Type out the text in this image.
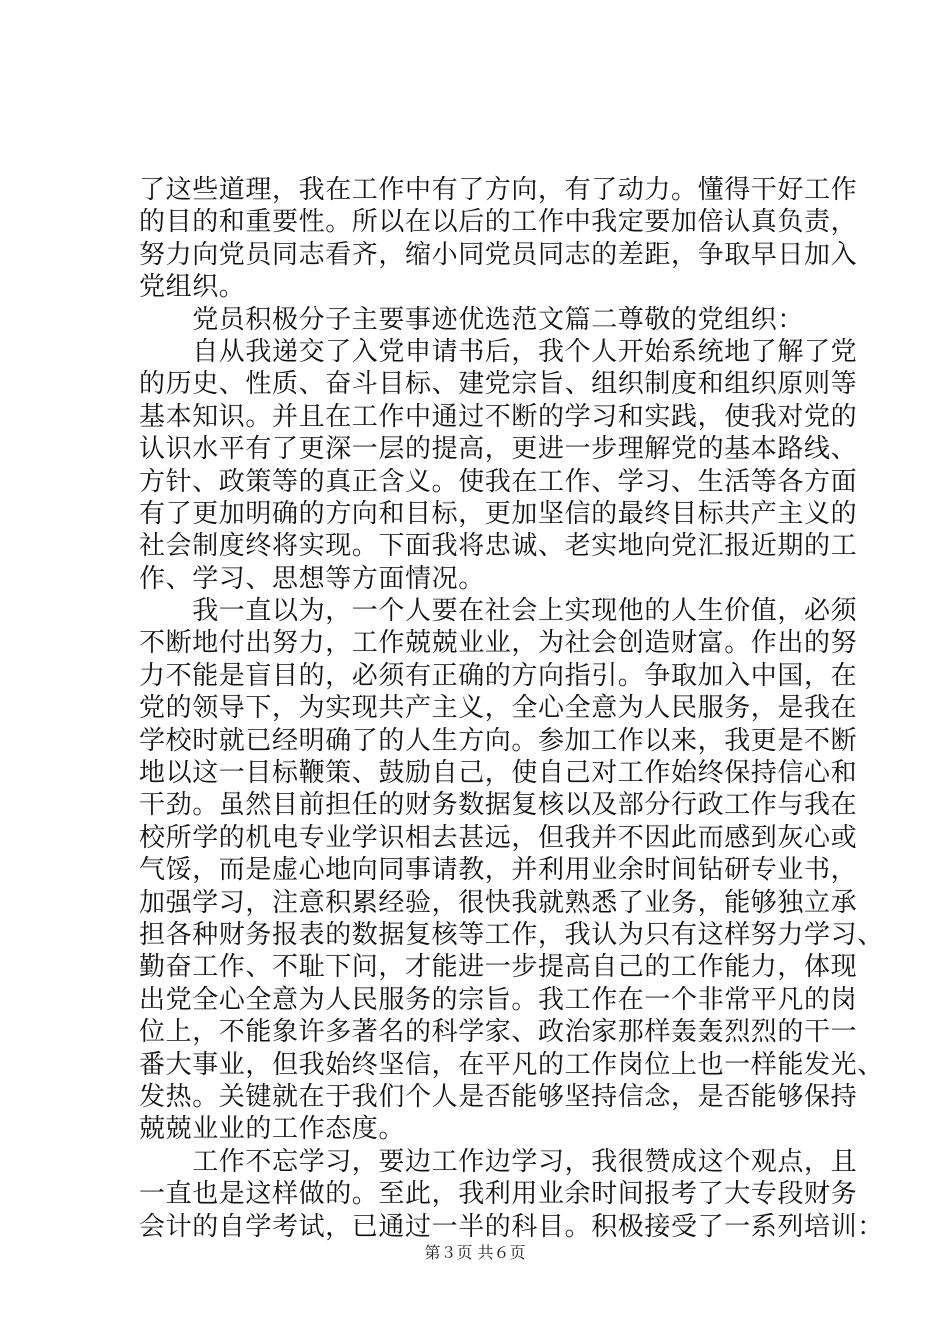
了这些道理，我在工作中有了方向，有了动力。懂得干好工作
的目的和重要性。所以在以后的工作中我定要加倍认真负责，
努力向党员同志看齐，缩小同党员同志的差距，争取早日加入
党组织。
　　党员积极分子主要事迹优选范文篇二尊敬的党组织：
　　自从我递交了入党申请书后，我个人开始系统地了解了党
的历史、性质、奋斗目标、建党宗旨、组织制度和组织原则等
基本知识。并且在工作中通过不断的学习和实践，使我对党的
认识水平有了更深一层的提高，更进一步理解党的基本路线、
方针、政策等的真正含义。使我在工作、学习、生活等各方面
有了更加明确的方向和目标，更加坚信的最终目标共产主义的
社会制度终将实现。下面我将忠诚、老实地向党汇报近期的工
作、学习、思想等方面情况。
　　我一直以为，一个人要在社会上实现他的人生价值，必须
不断地付出努力，工作兢兢业业，为社会创造财富。作出的努
力不能是盲目的，必须有正确的方向指引。争取加入中国，在
党的领导下，为实现共产主义，全心全意为人民服务，是我在
学校时就已经明确了的人生方向。参加工作以来，我更是不断
地以这一目标鞭策、鼓励自己，使自己对工作始终保持信心和
干劲。虽然目前担任的财务数据复核以及部分行政工作与我在
校所学的机电专业学识相去甚远，但我并不因此而感到灰心或
气馁，而是虚心地向同事请教，并利用业余时间钻研专业书，
加强学习，注意积累经验，很快我就熟悉了业务，能够独立承
担各种财务报表的数据复核等工作，我认为只有这样努力学习、
勤奋工作、不耻下问，才能进一步提高自己的工作能力，体现
出党全心全意为人民服务的宗旨。我工作在一个非常平凡的岗
位上，不能象许多著名的科学家、政治家那样轰轰烈烈的干一
番大事业，但我始终坚信，在平凡的工作岗位上也一样能发光、
发热。关键就在于我们个人是否能够坚持信念，是否能够保持
兢兢业业的工作态度。
　　工作不忘学习，要边工作边学习，我很赞成这个观点，且
一直也是这样做的。至此，我利用业余时间报考了大专段财务
会计的自学考试，已通过一半的科目。积极接受了一系列培训：
第３页 共６页
